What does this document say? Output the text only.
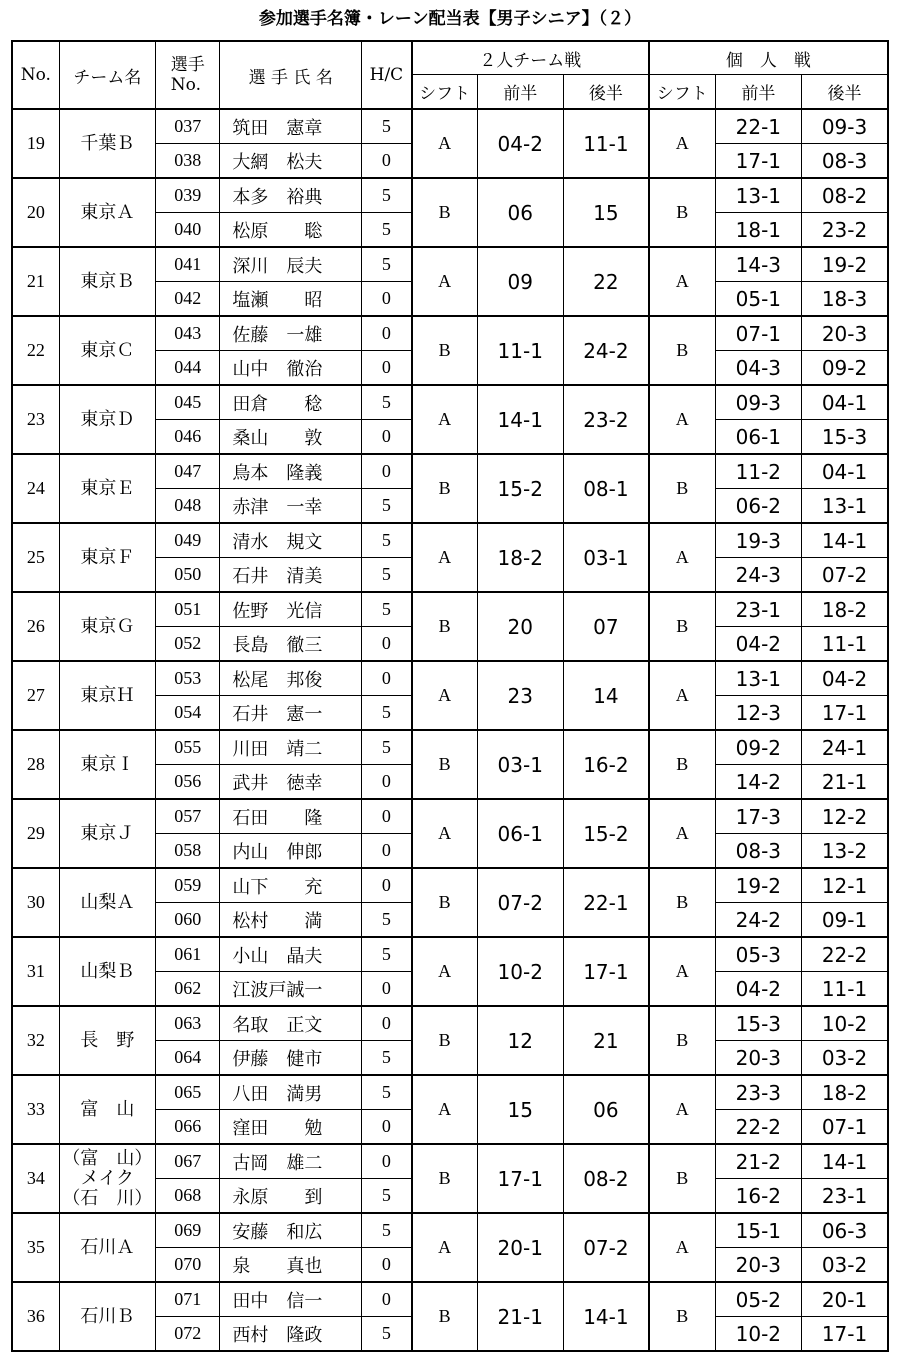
参加選手名簿・レーン配当表【男子シニア】（２）
No.	チーム名	選手
No.	選 手 氏 名	H/C	２人チーム戦			個　人　戦		
					シフト	前半	後半	シフト	前半	後半
19	千葉Ｂ	037	筑田　憲章	5	A	04-2	11-1	A	22-1	09-3
		038	大網　松夫	0					17-1	08-3
20	東京Ａ	039	本多　裕典	5	B	06	15	B	13-1	08-2
		040	松原　　聡	5					18-1	23-2
21	東京Ｂ	041	深川　辰夫	5	A	09	22	A	14-3	19-2
		042	塩瀬　　昭	0					05-1	18-3
22	東京Ｃ	043	佐藤　一雄	0	B	11-1	24-2	B	07-1	20-3
		044	山中　徹治	0					04-3	09-2
23	東京Ｄ	045	田倉　　稔	5	A	14-1	23-2	A	09-3	04-1
		046	桑山　　敦	0					06-1	15-3
24	東京Ｅ	047	鳥本　隆義	0	B	15-2	08-1	B	11-2	04-1
		048	赤津　一幸	5					06-2	13-1
25	東京Ｆ	049	清水　規文	5	A	18-2	03-1	A	19-3	14-1
		050	石井　清美	5					24-3	07-2
26	東京Ｇ	051	佐野　光信	5	B	20	07	B	23-1	18-2
		052	長島　徹三	0					04-2	11-1
27	東京Ｈ	053	松尾　邦俊	0	A	23	14	A	13-1	04-2
		054	石井　憲一	5					12-3	17-1
28	東京Ｉ	055	川田　靖二	5	B	03-1	16-2	B	09-2	24-1
		056	武井　徳幸	0					14-2	21-1
29	東京Ｊ	057	石田　　隆	0	A	06-1	15-2	A	17-3	12-2
		058	内山　伸郎	0					08-3	13-2
30	山梨Ａ	059	山下　　充	0	B	07-2	22-1	B	19-2	12-1
		060	松村　　満	5					24-2	09-1
31	山梨Ｂ	061	小山　晶夫	5	A	10-2	17-1	A	05-3	22-2
		062	江波戸誠一	0					04-2	11-1
32	長　野	063	名取　正文	0	B	12	21	B	15-3	10-2
		064	伊藤　健市	5					20-3	03-2
33	富　山	065	八田　満男	5	A	15	06	A	23-3	18-2
		066	窪田　　勉	0					22-2	07-1
34	（富　山）
メイク
（石　川）	067	古岡　雄二	0	B	17-1	08-2	B	21-2	14-1
		068	永原　　到	5					16-2	23-1
35	石川Ａ	069	安藤　和広	5	A	20-1	07-2	A	15-1	06-3
		070	泉　　真也	0					20-3	03-2
36	石川Ｂ	071	田中　信一	0	B	21-1	14-1	B	05-2	20-1
		072	西村　隆政	5					10-2	17-1
